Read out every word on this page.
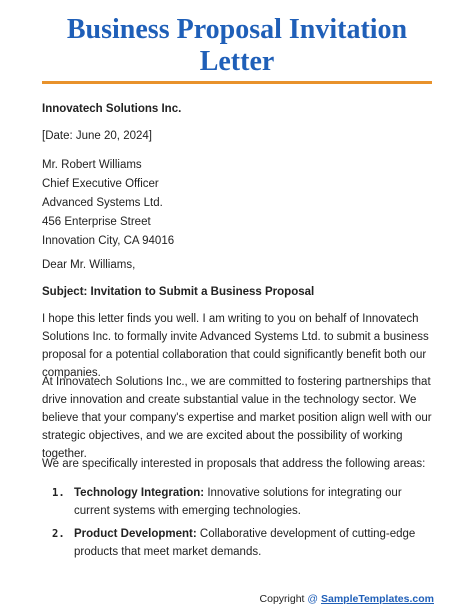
Business Proposal Invitation
Letter

Innovatech Solutions Inc.

[Date: June 20, 2024]

Mr. Robert Williams
Chief Executive Officer
Advanced Systems Ltd.
456 Enterprise Street
Innovation City, CA 94016

Dear Mr. Williams,

Subject: Invitation to Submit a Business Proposal

I hope this letter finds you well. I am writing to you on behalf of Innovatech Solutions Inc. to formally invite Advanced Systems Ltd. to submit a business proposal for a potential collaboration that could significantly benefit both our companies.

At Innovatech Solutions Inc., we are committed to fostering partnerships that drive innovation and create substantial value in the technology sector. We believe that your company's expertise and market position align well with our strategic objectives, and we are excited about the possibility of working together.

We are specifically interested in proposals that address the following areas:

1. Technology Integration: Innovative solutions for integrating our current systems with emerging technologies.
2. Product Development: Collaborative development of cutting-edge products that meet market demands.
Copyright @ SampleTemplates.com
